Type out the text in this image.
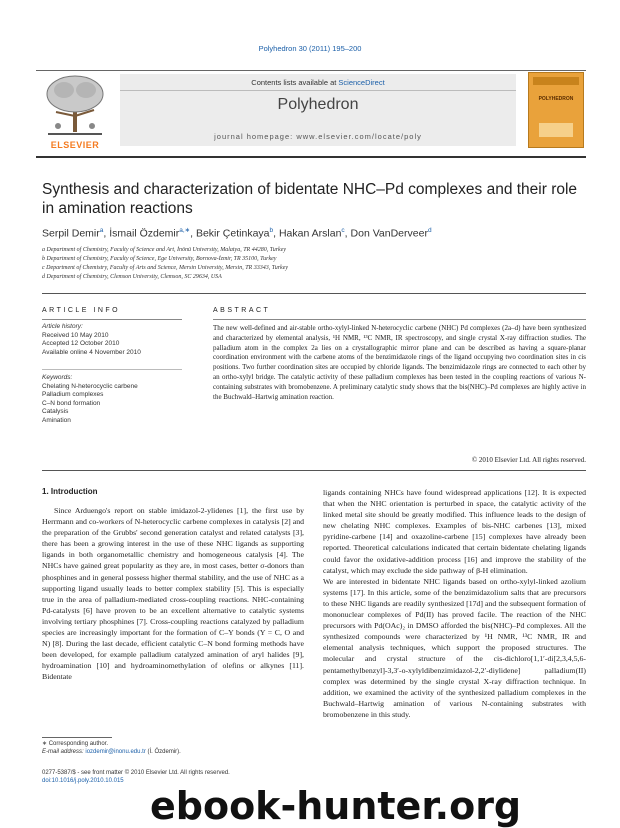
Polyhedron 30 (2011) 195–200
ELSEVIER
Contents lists available at ScienceDirect
Polyhedron
journal homepage: www.elsevier.com/locate/poly
POLYHEDRON
Synthesis and characterization of bidentate NHC–Pd complexes and their role in amination reactions
Serpil Demir$^a$, İsmail Özdemir$^{a,∗}$, Bekir Çetinkaya$^b$, Hakan Arslan$^c$, Don VanDerveer$^d$
a Department of Chemistry, Faculty of Science and Art, İnönü University, Malatya, TR 44280, Turkey
b Department of Chemistry, Faculty of Science, Ege University, Bornova-İzmir, TR 35100, Turkey
c Department of Chemistry, Faculty of Arts and Science, Mersin University, Mersin, TR 33343, Turkey
d Department of Chemistry, Clemson University, Clemson, SC 29634, USA
ARTICLE INFO
Article history:
Received 10 May 2010
Accepted 12 October 2010
Available online 4 November 2010
Keywords:
Chelating N-heterocyclic carbene
Palladium complexes
C–N bond formation
Catalysis
Amination
ABSTRACT
The new well-defined and air-stable ortho-xylyl-linked N-heterocyclic carbene (NHC) Pd complexes (2a–d) have been synthesized and characterized by elemental analysis, ¹H NMR, ¹³C NMR, IR spectroscopy, and single crystal X-ray diffraction studies. The palladium atom in the complex 2a lies on a crystallographic mirror plane and can be described as having a square-planar coordination environment with the carbene atoms of the benzimidazole rings of the ligand occupying two coordination sites in cis positions. Two further coordination sites are occupied by chloride ligands. The benzimidazole rings are connected to each other by an ortho-xylyl bridge. The catalytic activity of these palladium complexes has been tested in the coupling reactions of various N-containing substrates with bromobenzene. A preliminary catalytic study shows that the bis(NHC)–Pd complexes are highly active in the Buchwald–Hartwig amination reaction.
© 2010 Elsevier Ltd. All rights reserved.
1. Introduction
Since Arduengo's report on stable imidazol-2-ylidenes [1], the first use by Herrmann and co-workers of N-heterocyclic carbene complexes in catalysis [2] and the preparation of the Grubbs' second generation catalyst and related catalysts [3], there has been a growing interest in the use of these NHC ligands as supporting ligands in both organometallic chemistry and homogeneous catalysis [4]. The NHCs have gained great popularity as they are, in most cases, better σ-donors than phosphines and in general possess higher thermal stability, and the use of NHC as a supporting ligand usually leads to better complex stability [5]. This is especially true in the area of palladium-mediated cross-coupling reactions. NHC-containing Pd-catalysts [6] have proven to be an excellent alternative to catalytic systems involving tertiary phosphines [7]. Cross-coupling reactions catalyzed by palladium species are increasingly important for the formation of C–Y bonds (Y = C, O and N) [8]. During the last decade, efficient catalytic C–N bond forming methods have been developed, for example palladium catalyzed amination of aryl halides [9], hydroamination [10] and hydroaminomethylation of olefins or alkynes [11]. Bidentate
ligands containing NHCs have found widespread applications [12]. It is expected that when the NHC orientation is perturbed in space, the catalytic activity of the linked metal site should be greatly modified. This influence leads to the design of new chelating NHC complexes. Examples of bis-NHC carbenes [13], mixed pyridine-carbene [14] and oxazoline-carbene [15] complexes have already been reported. Theoretical calculations indicated that certain bidentate chelating ligands could favor the oxidative-addition process [16] and improve the stability of the catalyst, which may exclude the side pathway of β-H elimination.
We are interested in bidentate NHC ligands based on ortho-xylyl-linked azolium systems [17]. In this article, some of the benzimidazolium salts that are precursors to these NHC ligands are readily synthesized [17d] and the subsequent formation of mononuclear complexes of Pd(II) has proved facile. The reaction of the NHC precursors with Pd(OAc)₂ in DMSO afforded the bis(NHC)–Pd complexes. All the synthesized compounds were characterized by ¹H NMR, ¹³C NMR, IR and elemental analysis techniques, which support the proposed structures. The molecular and crystal structure of the cis-dichloro[1,1′-di[2,3,4,5,6-pentamethylbenzyl]-3,3′-o-xylyldibenzimidazol-2,2′-diylidene] palladium(II) complex was determined by the single crystal X-ray diffraction technique. In addition, we examined the activity of the synthesized palladium complexes in the Buchwald–Hartwig amination of various N-containing substrates with bromobenzene in this study.
∗ Corresponding author.
E-mail address: iozdemir@inonu.edu.tr (İ. Özdemir).
0277-5387/$ - see front matter © 2010 Elsevier Ltd. All rights reserved.
doi:10.1016/j.poly.2010.10.015
ebook-hunter.org
